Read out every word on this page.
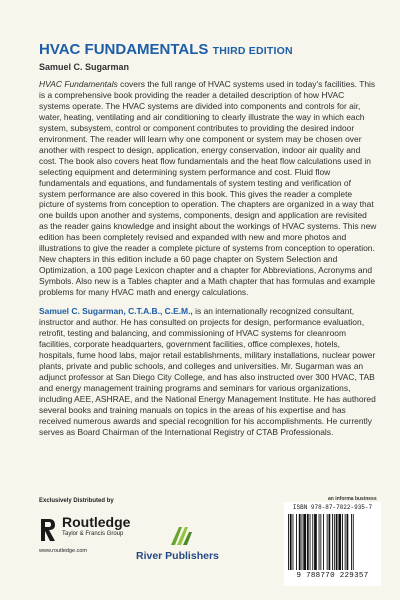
HVAC FUNDAMENTALS THIRD EDITION
Samuel C. Sugarman

HVAC Fundamentals covers the full range of HVAC systems used in today's facilities. This is a comprehensive book providing the reader a detailed description of how HVAC systems operate. The HVAC systems are divided into components and controls for air, water, heating, ventilating and air conditioning to clearly illustrate the way in which each system, subsystem, control or component contributes to providing the desired indoor environment. The reader will learn why one component or system may be chosen over another with respect to design, application, energy conservation, indoor air quality and cost. The book also covers heat flow fundamentals and the heat flow calculations used in selecting equipment and determining system performance and cost. Fluid flow fundamentals and equations, and fundamentals of system testing and verification of system performance are also covered in this book. This gives the reader a complete picture of systems from conception to operation. The chapters are organized in a way that one builds upon another and systems, components, design and application are revisited as the reader gains knowledge and insight about the workings of HVAC systems. This new edition has been completely revised and expanded with new and more photos and illustrations to give the reader a complete picture of systems from conception to operation. New chapters in this edition include a 60 page chapter on System Selection and Optimization, a 100 page Lexicon chapter and a chapter for Abbreviations, Acronyms and Symbols. Also new is a Tables chapter and a Math chapter that has formulas and example problems for many HVAC math and energy calculations.

Samuel C. Sugarman, C.T.A.B., C.E.M., is an internationally recognized consultant, instructor and author. He has consulted on projects for design, performance evaluation, retrofit, testing and balancing, and commissioning of HVAC systems for cleanroom facilities, corporate headquarters, government facilities, office complexes, hotels, hospitals, fume hood labs, major retail establishments, military installations, nuclear power plants, private and public schools, and colleges and universities. Mr. Sugarman was an adjunct professor at San Diego City College, and has also instructed over 300 HVAC, TAB and energy management training programs and seminars for various organizations, including AEE, ASHRAE, and the National Energy Management Institute. He has authored several books and training manuals on topics in the areas of his expertise and has received numerous awards and special recognition for his accomplishments. He currently serves as Board Chairman of the International Registry of CTAB Professionals.

Exclusively Distributed by
Routledge
Taylor & Francis Group
www.routledge.com	River Publishers
an informa business
ISBN 978-87-7022-935-7
9 788770 229357
